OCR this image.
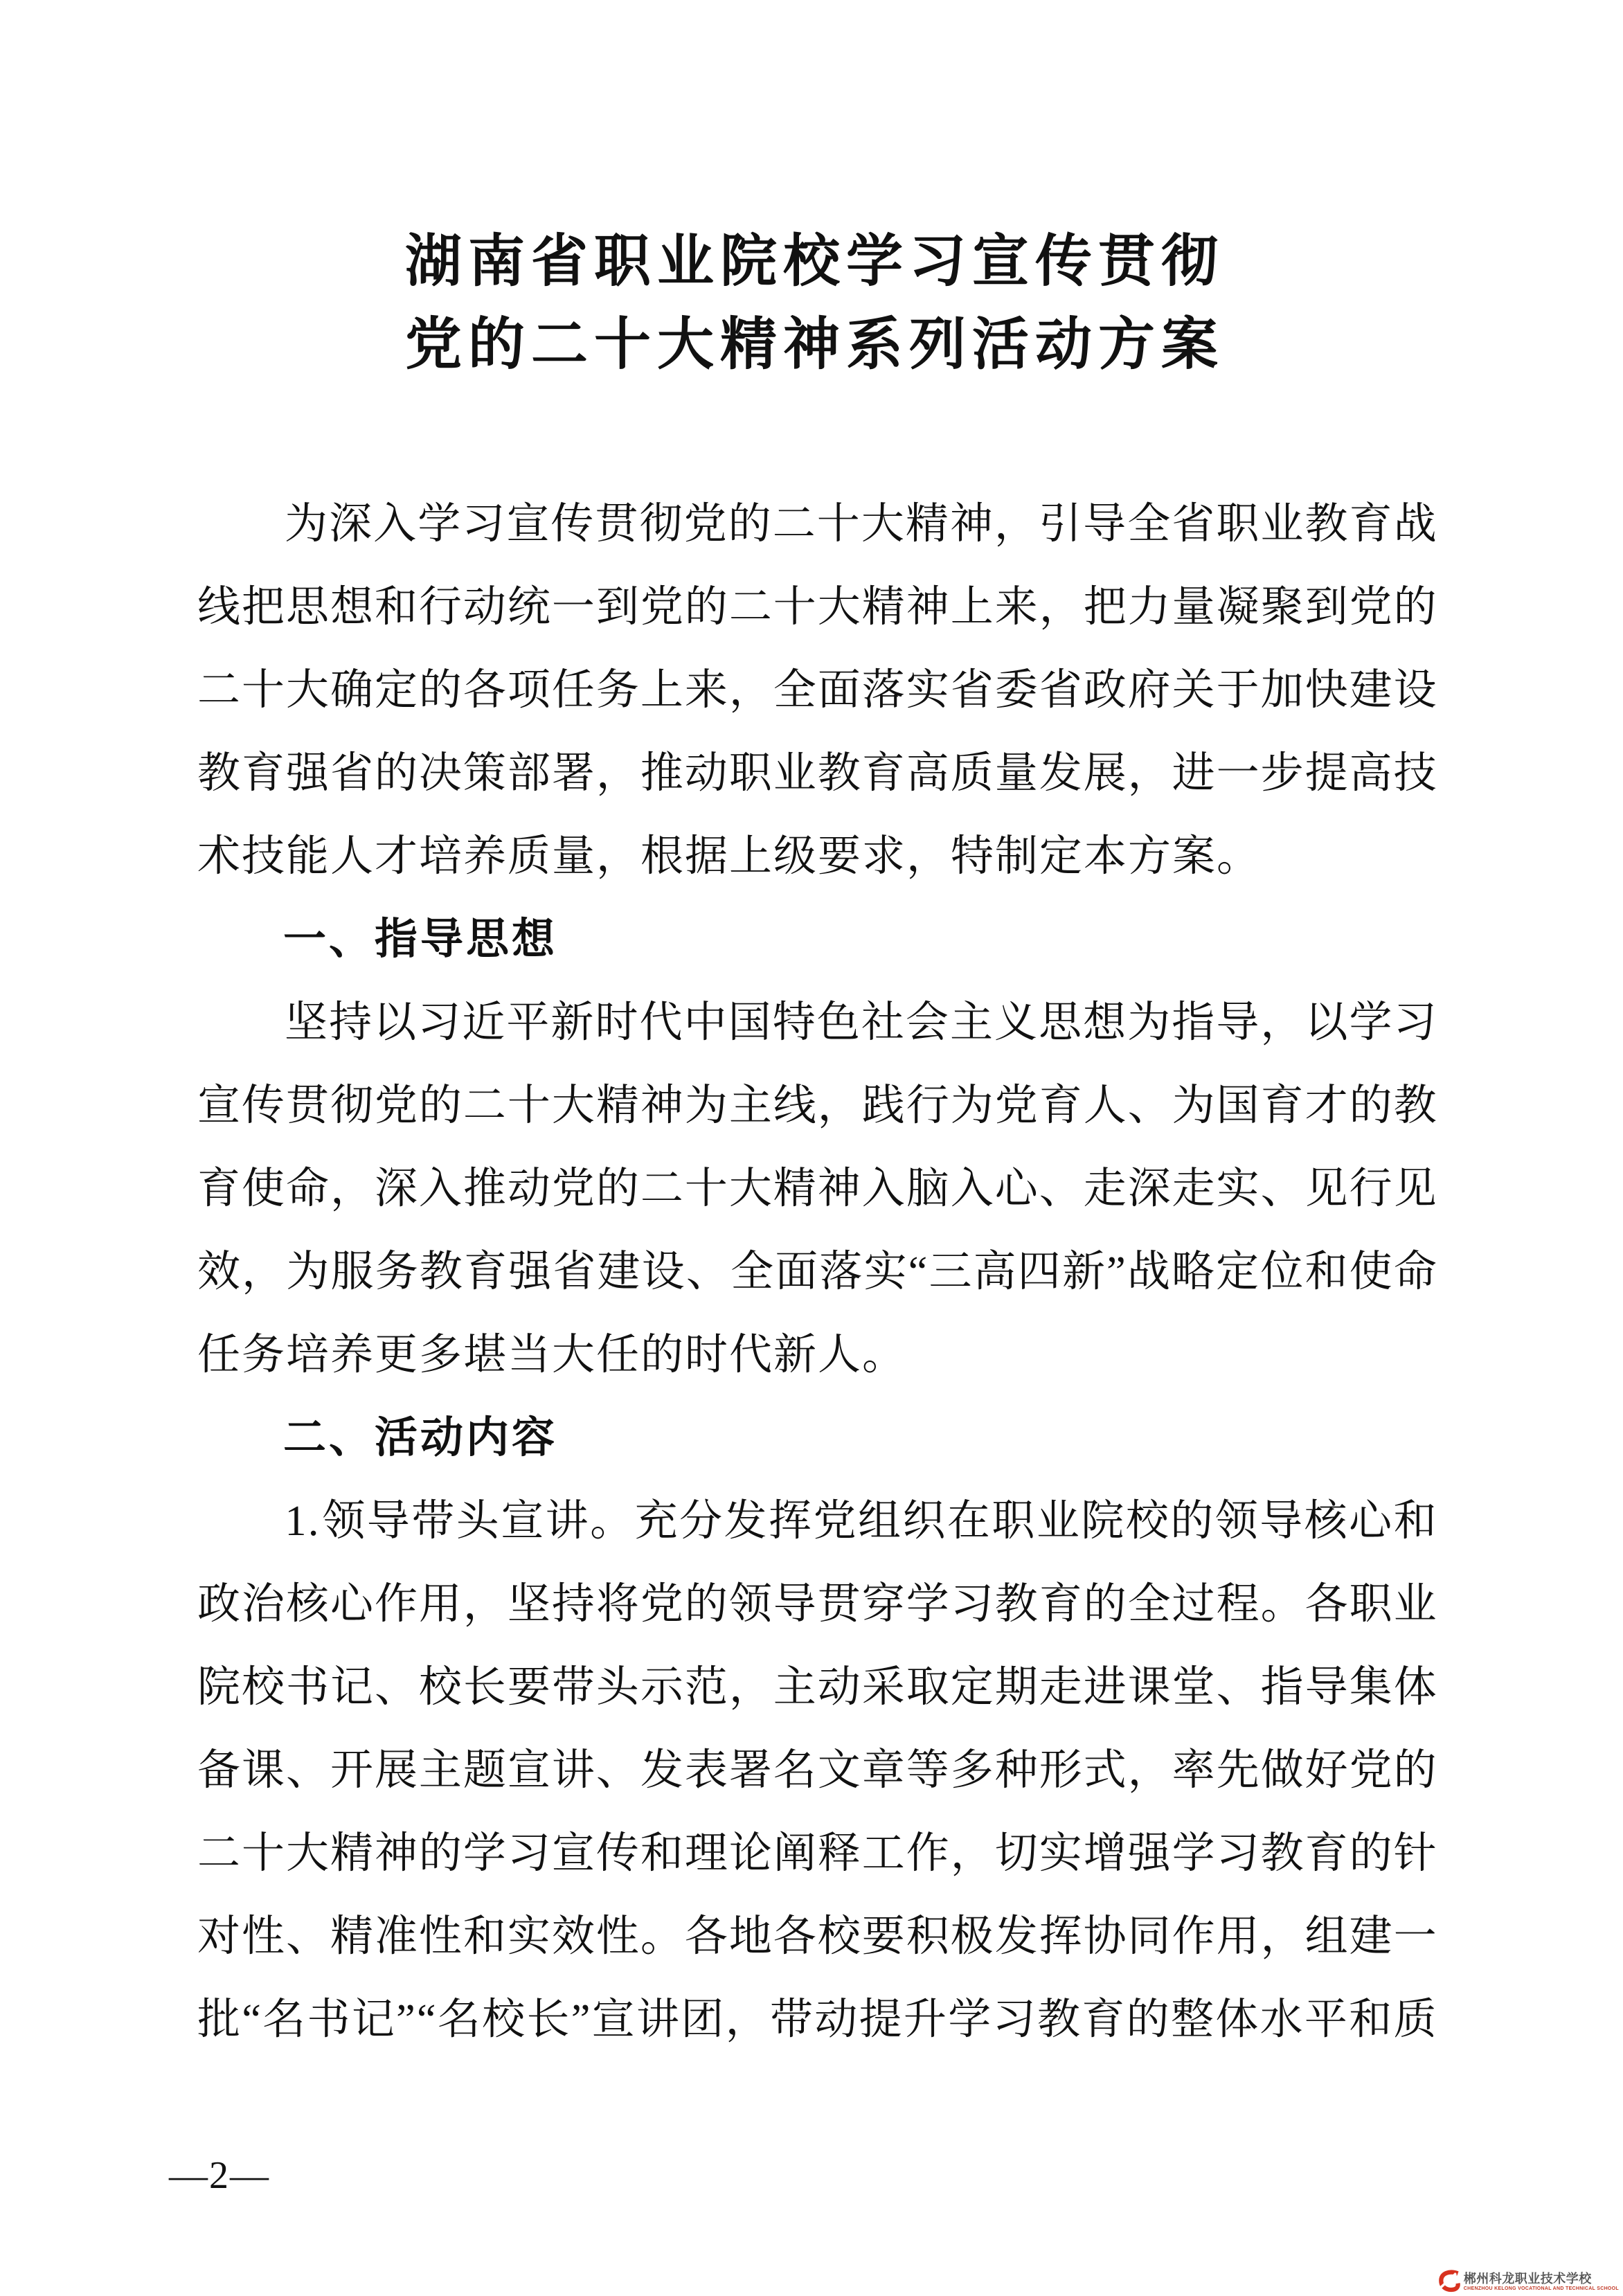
湖南省职业院校学习宣传贯彻
党的二十大精神系列活动方案
为 深 入 学 习 宣 传 贯 彻 党 的 二 十 大 精 神 ， 引 导 全 省 职 业 教 育 战
线 把 思 想 和 行 动 统 一 到 党 的 二 十 大 精 神 上 来 ， 把 力 量 凝 聚 到 党 的
二 十 大 确 定 的 各 项 任 务 上 来 ， 全 面 落 实 省 委 省 政 府 关 于 加 快 建 设
教 育 强 省 的 决 策 部 署 ， 推 动 职 业 教 育 高 质 量 发 展 ， 进 一 步 提 高 技
术技能人才培养质量，根据上级要求，特制定本方案。
一、指导思想
坚 持 以 习 近 平 新 时 代 中 国 特 色 社 会 主 义 思 想 为 指 导 ， 以 学 习
宣 传 贯 彻 党 的 二 十 大 精 神 为 主 线 ， 践 行 为 党 育 人 、 为 国 育 才 的 教
育 使 命 ， 深 入 推 动 党 的 二 十 大 精 神 入 脑 入 心 、 走 深 走 实 、 见 行 见
效 ， 为 服 务 教 育 强 省 建 设 、 全 面 落 实 “ 三 高 四 新 ” 战 略 定 位 和 使 命
任务培养更多堪当大任的时代新人。
二、活动内容
1 . 领 导 带 头 宣 讲 。 充 分 发 挥 党 组 织 在 职 业 院 校 的 领 导 核 心 和
政 治 核 心 作 用 ， 坚 持 将 党 的 领 导 贯 穿 学 习 教 育 的 全 过 程 。 各 职 业
院 校 书 记 、 校 长 要 带 头 示 范 ， 主 动 采 取 定 期 走 进 课 堂 、 指 导 集 体
备 课 、 开 展 主 题 宣 讲 、 发 表 署 名 文 章 等 多 种 形 式 ， 率 先 做 好 党 的
二 十 大 精 神 的 学 习 宣 传 和 理 论 阐 释 工 作 ， 切 实 增 强 学 习 教 育 的 针
对 性 、 精 准 性 和 实 效 性 。 各 地 各 校 要 积 极 发 挥 协 同 作 用 ， 组 建 一
批 “ 名 书 记 ” “ 名 校 长 ” 宣 讲 团 ， 带 动 提 升 学 习 教 育 的 整 体 水 平 和 质
—2—
郴州科龙职业技术学校
CHENZHOU KELONG VOCATIONAL AND TECHNICAL SCHOOL
